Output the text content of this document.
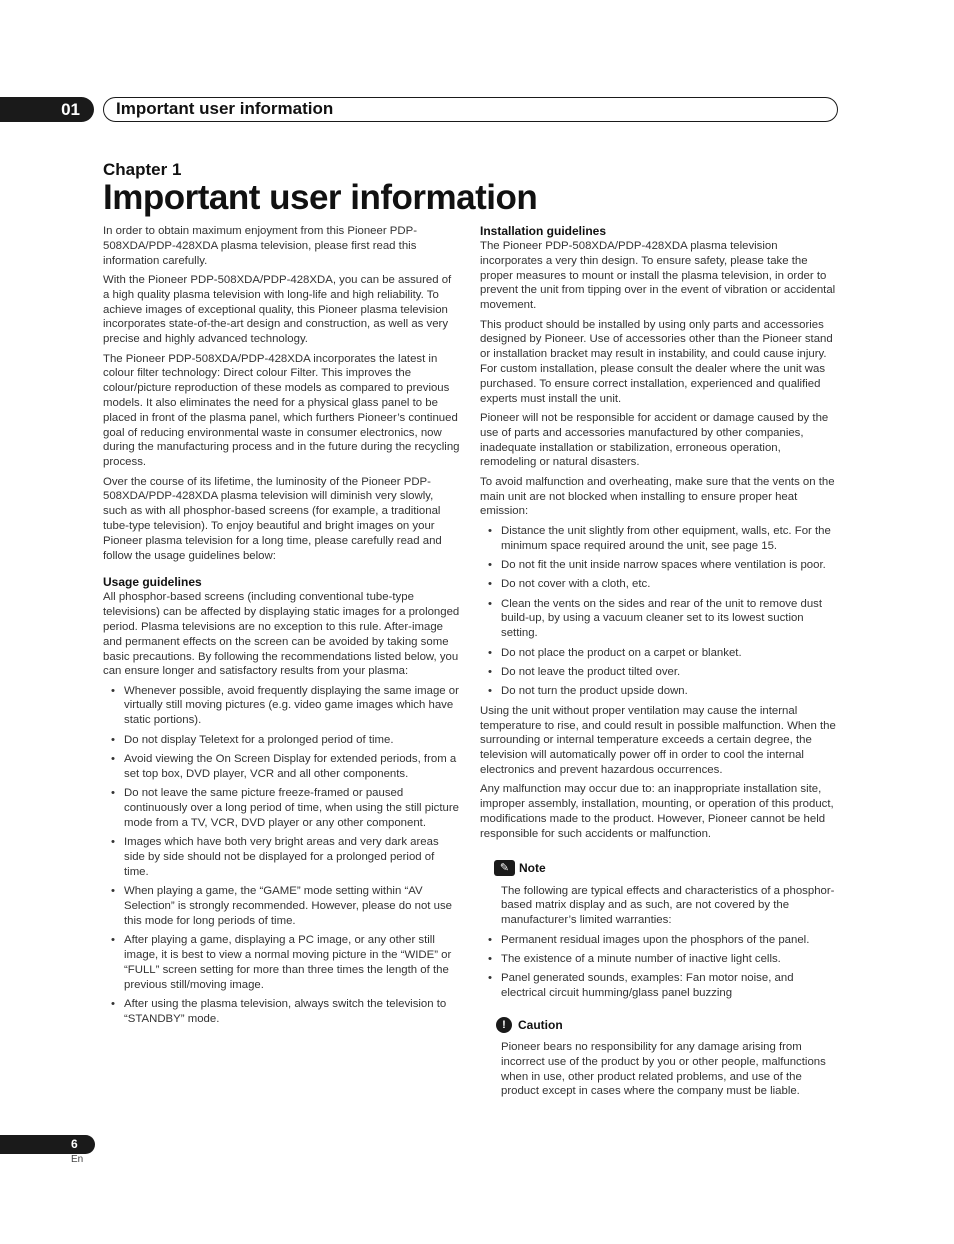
01	Important user information
Chapter 1
Important user information

In order to obtain maximum enjoyment from this Pioneer PDP-508XDA/PDP-428XDA plasma television, please first read this information carefully.

With the Pioneer PDP-508XDA/PDP-428XDA, you can be assured of a high quality plasma television with long-life and high reliability. To achieve images of exceptional quality, this Pioneer plasma television incorporates state-of-the-art design and construction, as well as very precise and highly advanced technology.

The Pioneer PDP-508XDA/PDP-428XDA incorporates the latest in colour filter technology: Direct colour Filter. This improves the colour/picture reproduction of these models as compared to previous models. It also eliminates the need for a physical glass panel to be placed in front of the plasma panel, which furthers Pioneer’s continued goal of reducing environmental waste in consumer electronics, now during the manufacturing process and in the future during the recycling process.

Over the course of its lifetime, the luminosity of the Pioneer PDP-508XDA/PDP-428XDA plasma television will diminish very slowly, such as with all phosphor-based screens (for example, a traditional tube-type television). To enjoy beautiful and bright images on your Pioneer plasma television for a long time, please carefully read and follow the usage guidelines below:

Usage guidelines

All phosphor-based screens (including conventional tube-type televisions) can be affected by displaying static images for a prolonged period. Plasma televisions are no exception to this rule. After-image and permanent effects on the screen can be avoided by taking some basic precautions. By following the recommendations listed below, you can ensure longer and satisfactory results from your plasma:

• Whenever possible, avoid frequently displaying the same image or virtually still moving pictures (e.g. video game images which have static portions).
• Do not display Teletext for a prolonged period of time.
• Avoid viewing the On Screen Display for extended periods, from a set top box, DVD player, VCR and all other components.
• Do not leave the same picture freeze-framed or paused continuously over a long period of time, when using the still picture mode from a TV, VCR, DVD player or any other component.
• Images which have both very bright areas and very dark areas side by side should not be displayed for a prolonged period of time.
• When playing a game, the “GAME” mode setting within “AV Selection” is strongly recommended. However, please do not use this mode for long periods of time.
• After playing a game, displaying a PC image, or any other still image, it is best to view a normal moving picture in the “WIDE” or “FULL” screen setting for more than three times the length of the previous still/moving image.
• After using the plasma television, always switch the television to “STANDBY” mode.
Installation guidelines

The Pioneer PDP-508XDA/PDP-428XDA plasma television incorporates a very thin design. To ensure safety, please take the proper measures to mount or install the plasma television, in order to prevent the unit from tipping over in the event of vibration or accidental movement.

This product should be installed by using only parts and accessories designed by Pioneer. Use of accessories other than the Pioneer stand or installation bracket may result in instability, and could cause injury. For custom installation, please consult the dealer where the unit was purchased. To ensure correct installation, experienced and qualified experts must install the unit.

Pioneer will not be responsible for accident or damage caused by the use of parts and accessories manufactured by other companies, inadequate installation or stabilization, erroneous operation, remodeling or natural disasters.

To avoid malfunction and overheating, make sure that the vents on the main unit are not blocked when installing to ensure proper heat emission:

• Distance the unit slightly from other equipment, walls, etc. For the minimum space required around the unit, see page 15.
• Do not fit the unit inside narrow spaces where ventilation is poor.
• Do not cover with a cloth, etc.
• Clean the vents on the sides and rear of the unit to remove dust build-up, by using a vacuum cleaner set to its lowest suction setting.
• Do not place the product on a carpet or blanket.
• Do not leave the product tilted over.
• Do not turn the product upside down.

Using the unit without proper ventilation may cause the internal temperature to rise, and could result in possible malfunction. When the surrounding or internal temperature exceeds a certain degree, the television will automatically power off in order to cool the internal electronics and prevent hazardous occurrences.

Any malfunction may occur due to: an inappropriate installation site, improper assembly, installation, mounting, or operation of this product, modifications made to the product. However, Pioneer cannot be held responsible for such accidents or malfunction.

✎ Note

The following are typical effects and characteristics of a phosphor-based matrix display and as such, are not covered by the manufacturer’s limited warranties:

• Permanent residual images upon the phosphors of the panel.
• The existence of a minute number of inactive light cells.
• Panel generated sounds, examples: Fan motor noise, and electrical circuit humming/glass panel buzzing
! Caution

Pioneer bears no responsibility for any damage arising from incorrect use of the product by you or other people, malfunctions when in use, other product related problems, and use of the product except in cases where the company must be liable.

6
En
